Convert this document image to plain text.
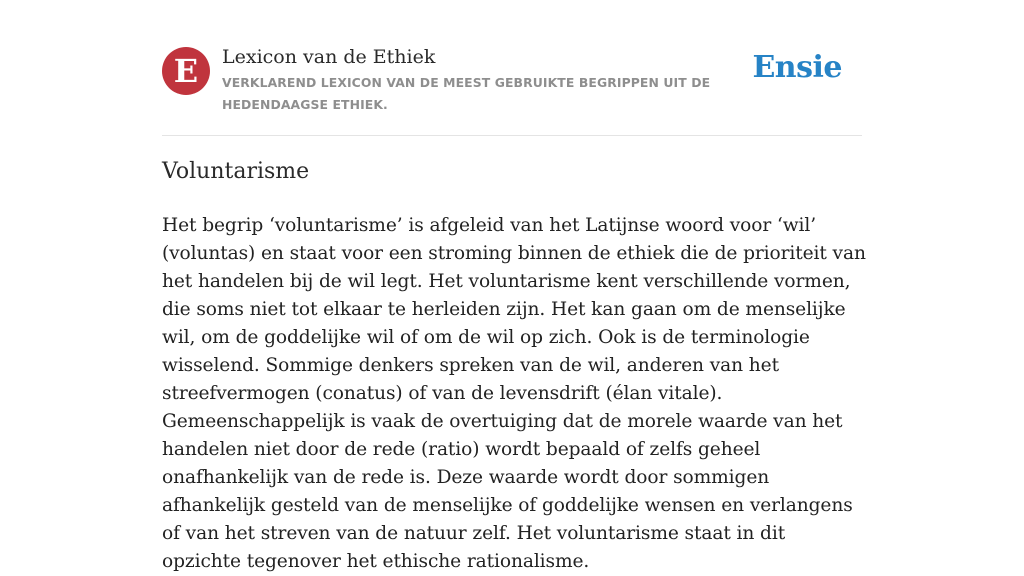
E	Lexicon van de Ethiek
VERKLAREND LEXICON VAN DE MEEST GEBRUIKTE BEGRIPPEN UIT DE HEDENDAAGSE ETHIEK.
Ensie
Voluntarisme

Het begrip ‘voluntarisme’ is afgeleid van het Latijnse woord voor ‘wil’ (voluntas) en staat voor een stroming binnen de ethiek die de prioriteit van het handelen bij de wil legt. Het voluntarisme kent verschillende vormen, die soms niet tot elkaar te herleiden zijn. Het kan gaan om de menselijke wil, om de goddelijke wil of om de wil op zich. Ook is de terminologie wisselend. Sommige denkers spreken van de wil, anderen van het streefvermogen (conatus) of van de levensdrift (élan vitale). Gemeenschappelijk is vaak de overtuiging dat de morele waarde van het handelen niet door de rede (ratio) wordt bepaald of zelfs geheel onafhankelijk van de rede is. Deze waarde wordt door sommigen afhankelijk gesteld van de menselijke of goddelijke wensen en verlangens of van het streven van de natuur zelf. Het voluntarisme staat in dit opzichte tegenover het ethische rationalisme.
